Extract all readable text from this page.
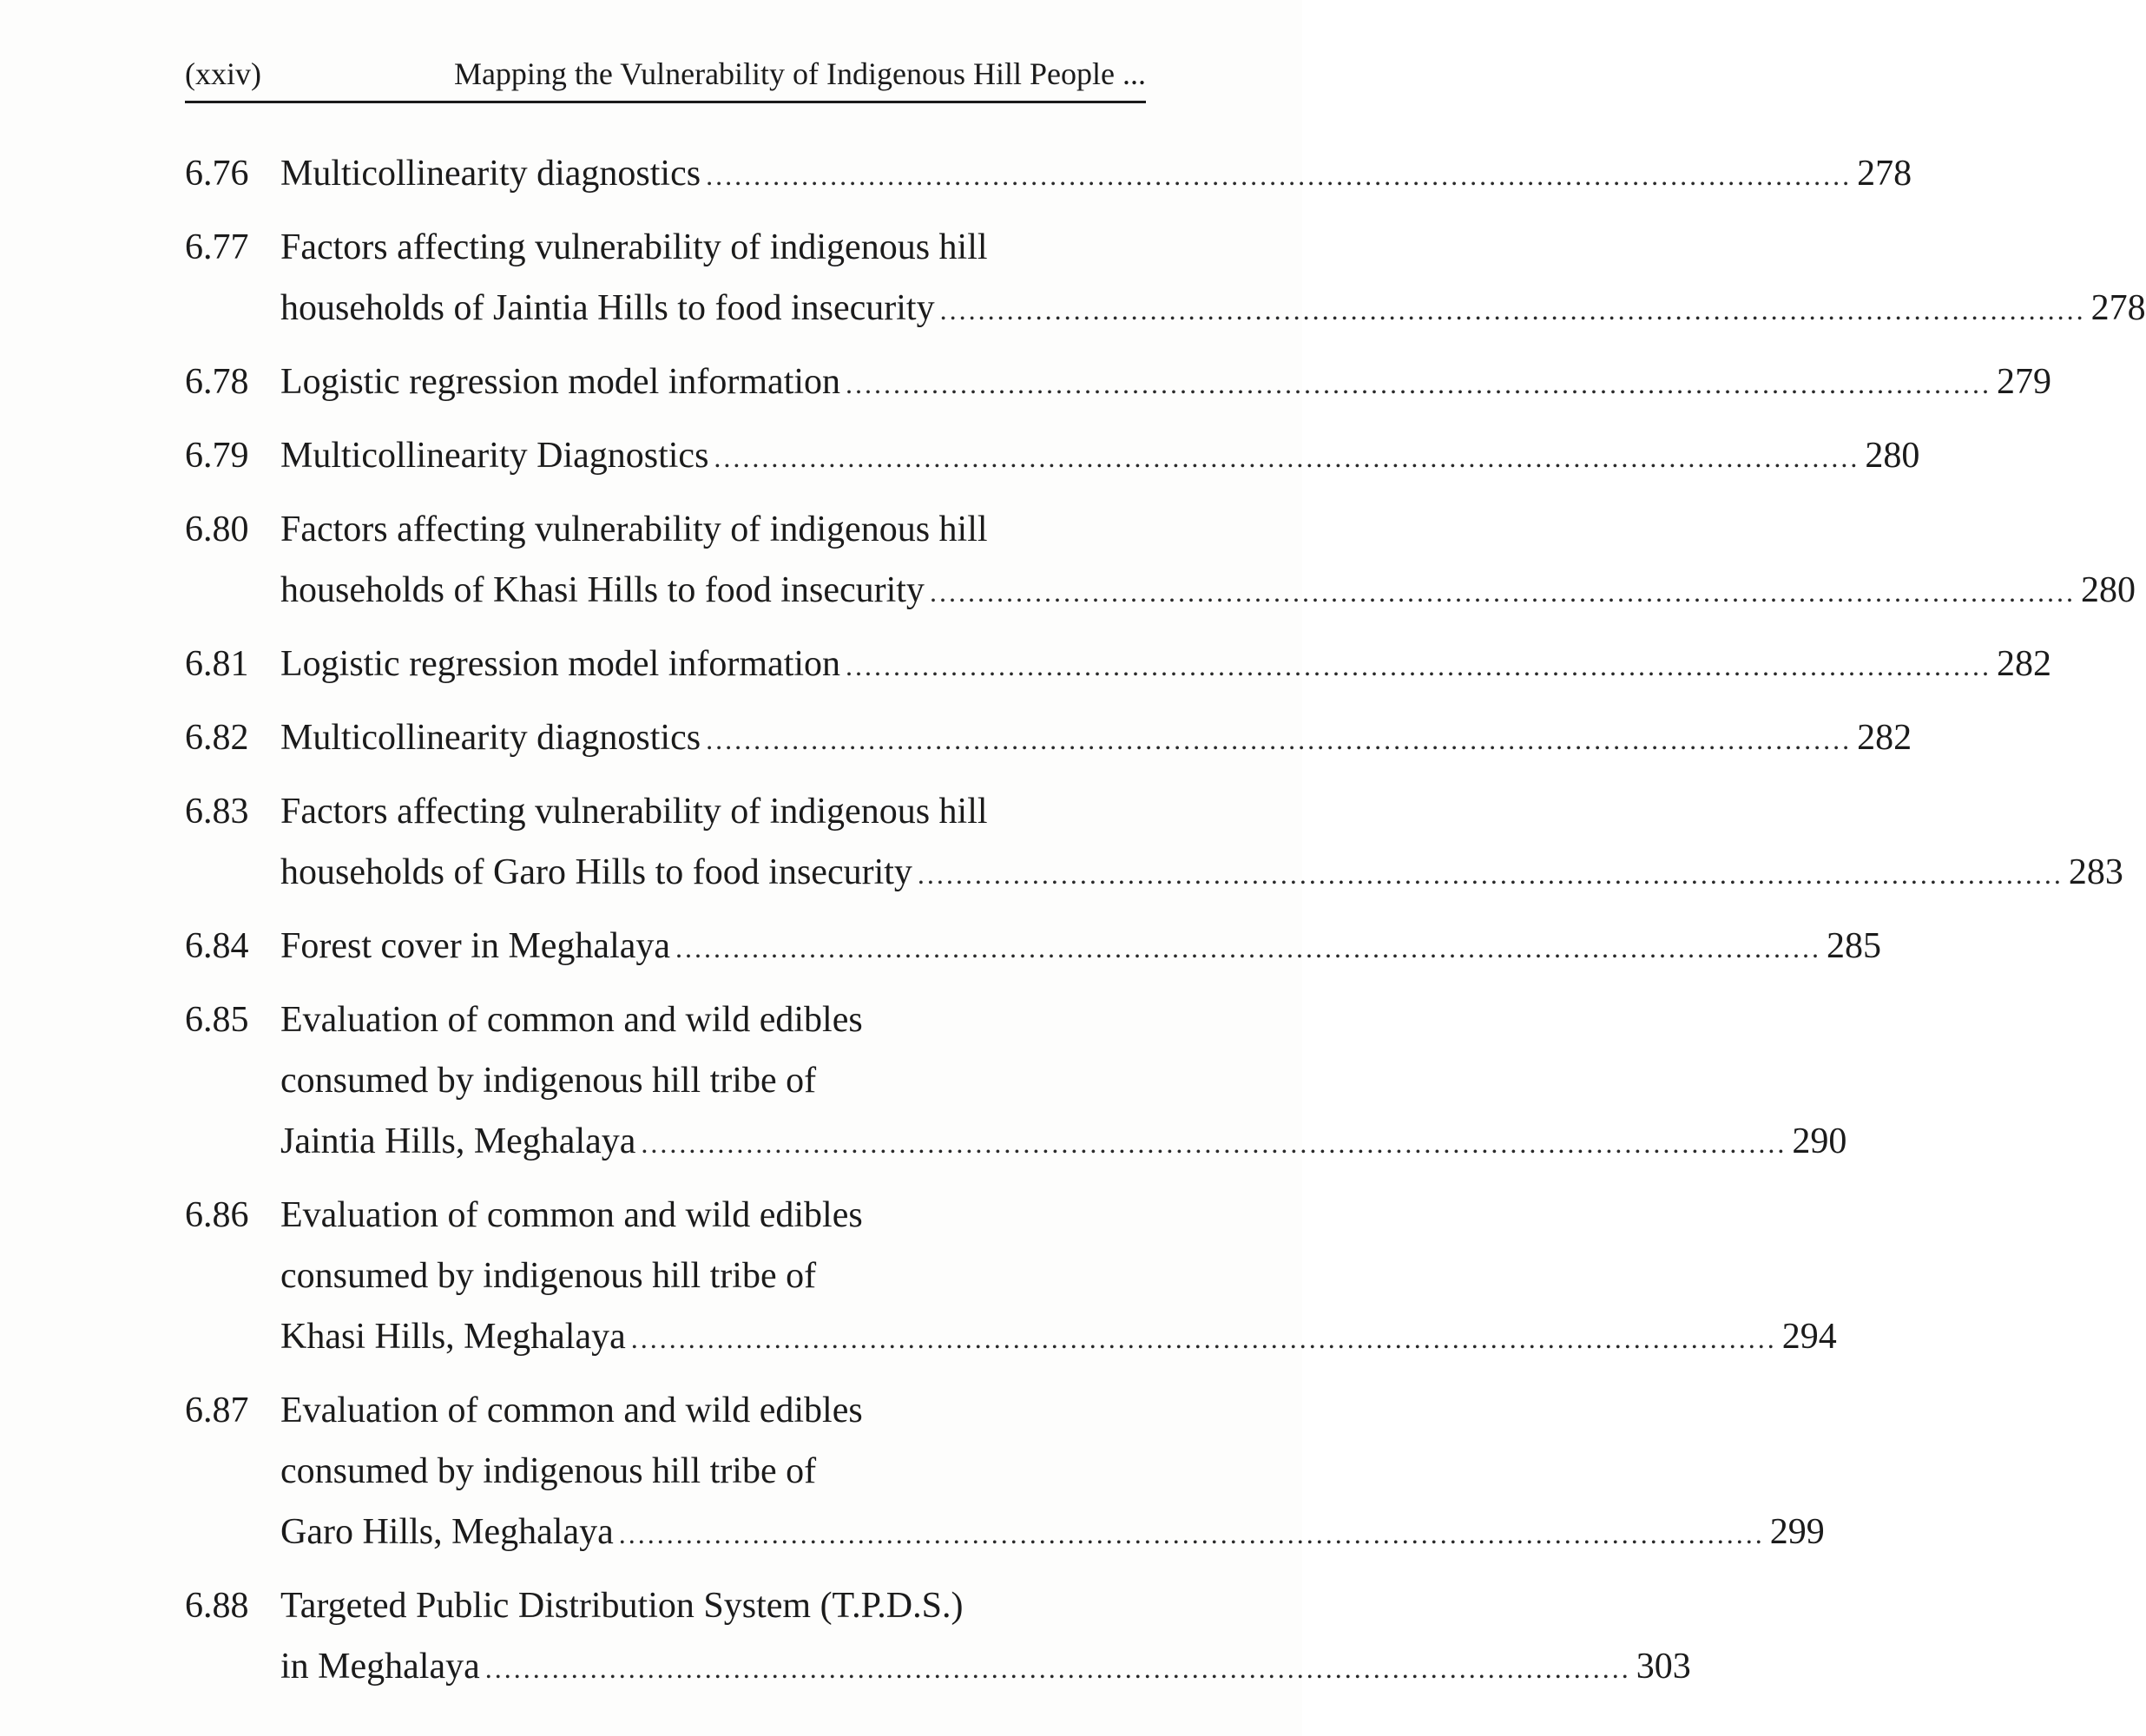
(xxiv)	Mapping the Vulnerability of Indigenous Hill People ...
6.76 Multicollinearity diagnostics ........................................................................................................................ 278
6.77 Factors affecting vulnerability of indigenous hill
households of Jaintia Hills to food insecurity ........................................................................................................................ 278
6.78 Logistic regression model information ........................................................................................................................ 279
6.79 Multicollinearity Diagnostics ........................................................................................................................ 280
6.80 Factors affecting vulnerability of indigenous hill
households of Khasi Hills to food insecurity ........................................................................................................................ 280
6.81 Logistic regression model information ........................................................................................................................ 282
6.82 Multicollinearity diagnostics ........................................................................................................................ 282
6.83 Factors affecting vulnerability of indigenous hill
households of Garo Hills to food insecurity ........................................................................................................................ 283
6.84 Forest cover in Meghalaya ........................................................................................................................ 285
6.85 Evaluation of common and wild edibles
consumed by indigenous hill tribe of
Jaintia Hills, Meghalaya ........................................................................................................................ 290
6.86 Evaluation of common and wild edibles
consumed by indigenous hill tribe of
Khasi Hills, Meghalaya ........................................................................................................................ 294
6.87 Evaluation of common and wild edibles
consumed by indigenous hill tribe of
Garo Hills, Meghalaya ........................................................................................................................ 299
6.88 Targeted Public Distribution System (T.P.D.S.)
in Meghalaya ........................................................................................................................ 303
